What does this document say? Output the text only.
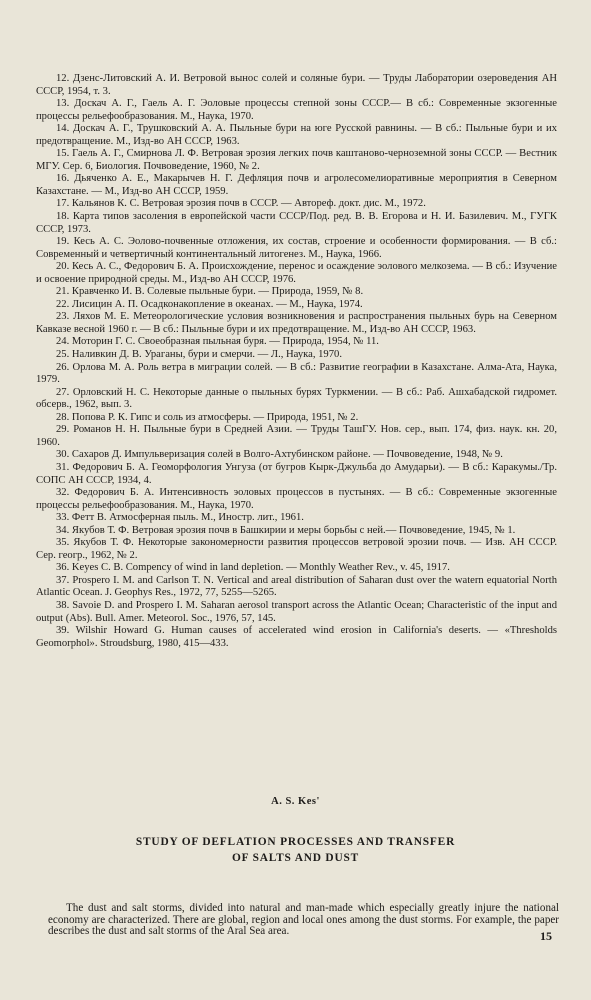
12. Дзенс-Литовский А. И. Ветровой вынос солей и соляные бури. — Труды Лаборатории озероведения АН СССР, 1954, т. 3.

13. Доскач А. Г., Гаель А. Г. Эоловые процессы степной зоны СССР.— В сб.: Современные экзогенные процессы рельефообразования. М., Наука, 1970.

14. Доскач А. Г., Трушковский А. А. Пыльные бури на юге Русской равнины. — В сб.: Пыльные бури и их предотвращение. М., Изд-во АН СССР, 1963.

15. Гаель А. Г., Смирнова Л. Ф. Ветровая эрозия легких почв каштаново-черноземной зоны СССР. — Вестник МГУ. Сер. 6, Биология. Почвоведение, 1960, № 2.

16. Дьяченко А. Е., Макарычев Н. Г. Дефляция почв и агролесомелиоративные мероприятия в Северном Казахстане. — М., Изд-во АН СССР, 1959.

17. Кальянов К. С. Ветровая эрозия почв в СССР. — Автореф. докт. дис. М., 1972.

18. Карта типов засоления в европейской части СССР/Под. ред. В. В. Егорова и Н. И. Базилевич. М., ГУГК СССР, 1973.

19. Кесь А. С. Эолово-почвенные отложения, их состав, строение и особенности формирования. — В сб.: Современный и четвертичный континентальный литогенез. М., Наука, 1966.

20. Кесь А. С., Федорович Б. А. Происхождение, перенос и осаждение эолового мелкозема. — В сб.: Изучение и освоение природной среды. М., Изд-во АН СССР, 1976.

21. Кравченко И. В. Солевые пыльные бури. — Природа, 1959, № 8.

22. Лисицин А. П. Осадконакопление в океанах. — М., Наука, 1974.

23. Ляхов М. Е. Метеорологические условия возникновения и распространения пыльных бурь на Северном Кавказе весной 1960 г. — В сб.: Пыльные бури и их предотвращение. М., Изд-во АН СССР, 1963.

24. Моторин Г. С. Своеобразная пыльная буря. — Природа, 1954, № 11.

25. Наливкин Д. В. Ураганы, бури и смерчи. — Л., Наука, 1970.

26. Орлова М. А. Роль ветра в миграции солей. — В сб.: Развитие географии в Казахстане. Алма-Ата, Наука, 1979.

27. Орловский Н. С. Некоторые данные о пыльных бурях Туркмении. — В сб.: Раб. Ашхабадской гидромет. обсерв., 1962, вып. 3.

28. Попова Р. К. Гипс и соль из атмосферы. — Природа, 1951, № 2.

29. Романов Н. Н. Пыльные бури в Средней Азии. — Труды ТашГУ. Нов. сер., вып. 174, физ. наук. кн. 20, 1960.

30. Сахаров Д. Импульверизация солей в Волго-Ахтубинском районе. — Почвоведение, 1948, № 9.

31. Федорович Б. А. Геоморфология Унгуза (от бугров Кырк-Джульба до Амударьи). — В сб.: Каракумы./Тр. СОПС АН СССР, 1934, 4.

32. Федорович Б. А. Интенсивность эоловых процессов в пустынях. — В сб.: Современные экзогенные процессы рельефообразования. М., Наука, 1970.

33. Фетт В. Атмосферная пыль. М., Иностр. лит., 1961.

34. Якубов Т. Ф. Ветровая эрозия почв в Башкирии и меры борьбы с ней.— Почвоведение, 1945, № 1.

35. Якубов Т. Ф. Некоторые закономерности развития процессов ветровой эрозии почв. — Изв. АН СССР. Сер. геогр., 1962, № 2.

36. Keyes C. B. Compency of wind in land depletion. — Monthly Weather Rev., v. 45, 1917.

37. Prospero I. M. and Carlson T. N. Vertical and areal distribution of Saharan dust over the watern equatorial North Atlantic Ocean. J. Geophys Res., 1972, 77, 5255—5265.

38. Savoie D. and Prospero I. M. Saharan aerosol transport across the Atlantic Ocean; Characteristic of the input and output (Abs). Bull. Amer. Meteorol. Soc., 1976, 57, 145.

39. Wilshir Howard G. Human causes of accelerated wind erosion in California's deserts. — «Thresholds Geomorphol». Stroudsburg, 1980, 415—433.

A. S. Kes'
STUDY OF DEFLATION PROCESSES AND TRANSFER
OF SALTS AND DUST

The dust and salt storms, divided into natural and man-made which especially greatly injure the national economy are characterized. There are global, region and local ones among the dust storms. For example, the paper describes the dust and salt storms of the Aral Sea area.	15
